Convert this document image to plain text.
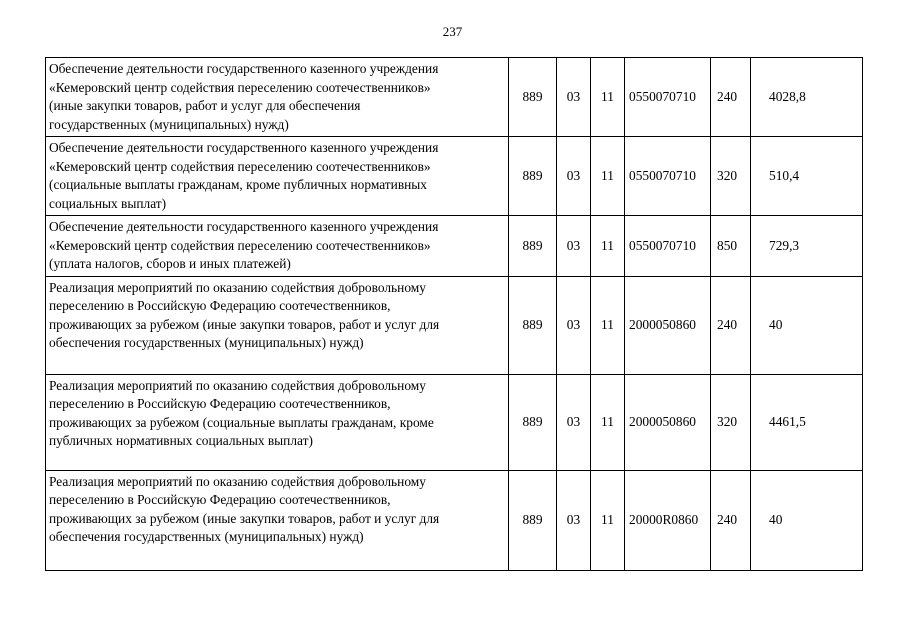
237
Обеспечение деятельности государственного казенного учреждения
«Кемеровский центр содействия переселению соотечественников»
(иные закупки товаров, работ и услуг для обеспечения
государственных (муниципальных) нужд)	889	03	11	0550070710	240	4028,8

Обеспечение деятельности государственного казенного учреждения
«Кемеровский центр содействия переселению соотечественников»
(социальные выплаты гражданам, кроме публичных нормативных
социальных выплат)	889	03	11	0550070710	320	510,4

Обеспечение деятельности государственного казенного учреждения
«Кемеровский центр содействия переселению соотечественников»
(уплата налогов, сборов и иных платежей)	889	03	11	0550070710	850	729,3

Реализация мероприятий по оказанию содействия добровольному
переселению в Российскую Федерацию соотечественников,
проживающих за рубежом (иные закупки товаров, работ и услуг для
обеспечения государственных (муниципальных) нужд)	889	03	11	2000050860	240	40

Реализация мероприятий по оказанию содействия добровольному
переселению в Российскую Федерацию соотечественников,
проживающих за рубежом (социальные выплаты гражданам, кроме
публичных нормативных социальных выплат)	889	03	11	2000050860	320	4461,5

Реализация мероприятий по оказанию содействия добровольному
переселению в Российскую Федерацию соотечественников,
проживающих за рубежом (иные закупки товаров, работ и услуг для
обеспечения государственных (муниципальных) нужд)	889	03	11	20000R0860	240	40
